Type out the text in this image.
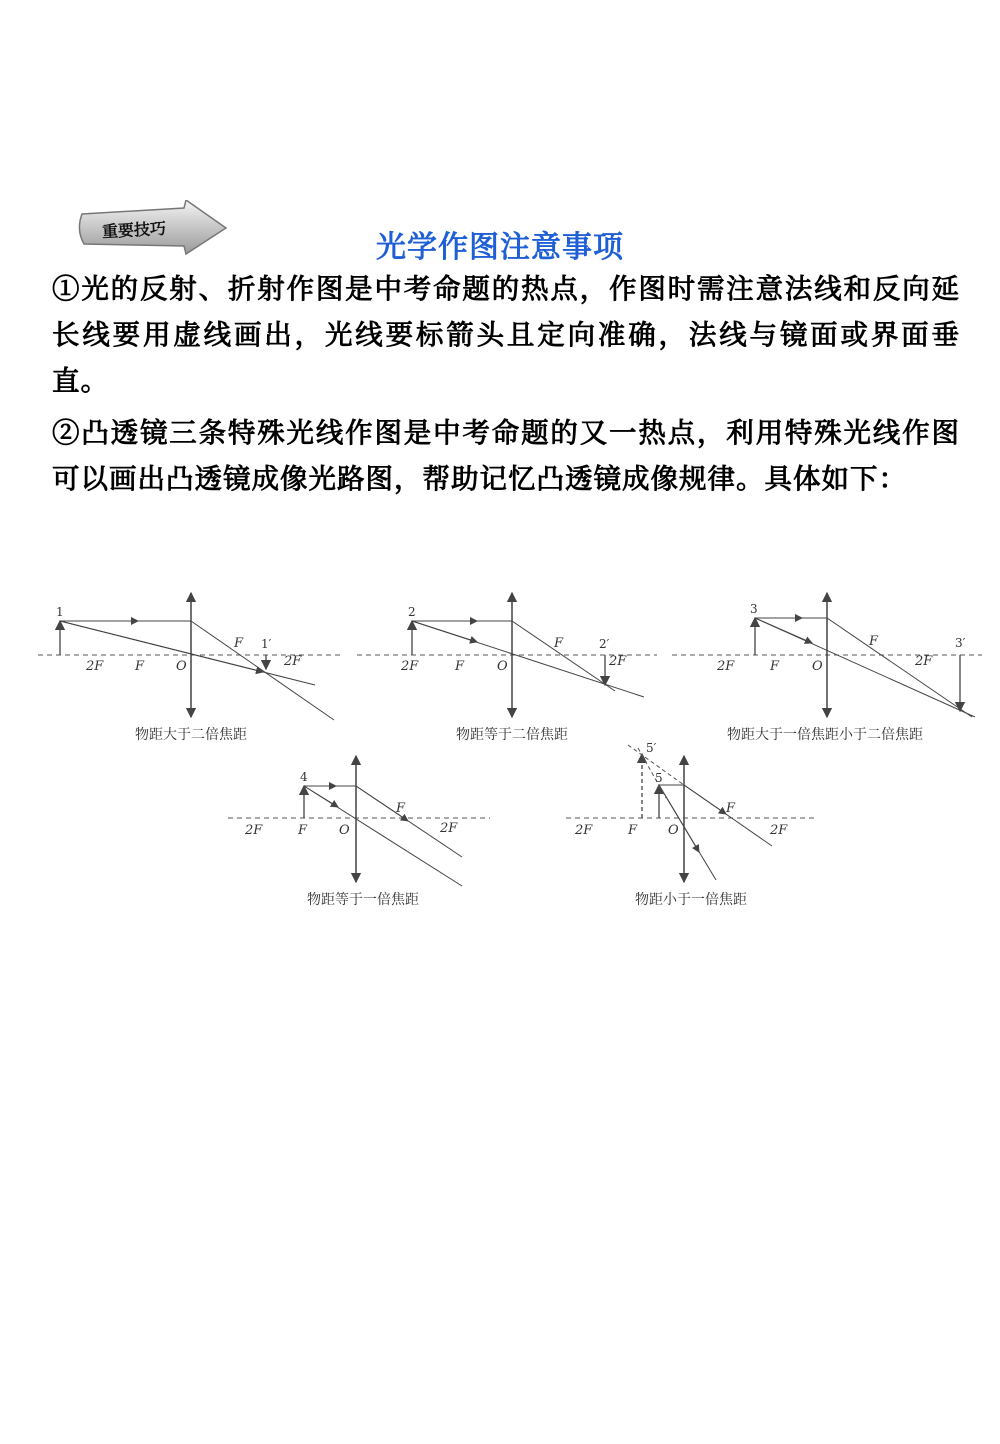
重要技巧	光学作图注意事项

①光的反射、折射作图是中考命题的热点，作图时需注意法线和反向延长线要用虚线画出，光线要标箭头且定向准确，法线与镜面或界面垂直。

②凸透镜三条特殊光线作图是中考命题的又一热点，利用特殊光线作图可以画出凸透镜成像光路图，帮助记忆凸透镜成像规律。具体如下：

1
1′
2F F O
F
2F
物距大于二倍焦距
2
2′
2F	F	O
F
2F
物距等于二倍焦距
3
3′
2F	F	O
F
2F
物距大于一倍焦距小于二倍焦距
4
2F	F O
F
2F
物距等于一倍焦距
5′
5
2F	F O
F
2F
物距小于一倍焦距
